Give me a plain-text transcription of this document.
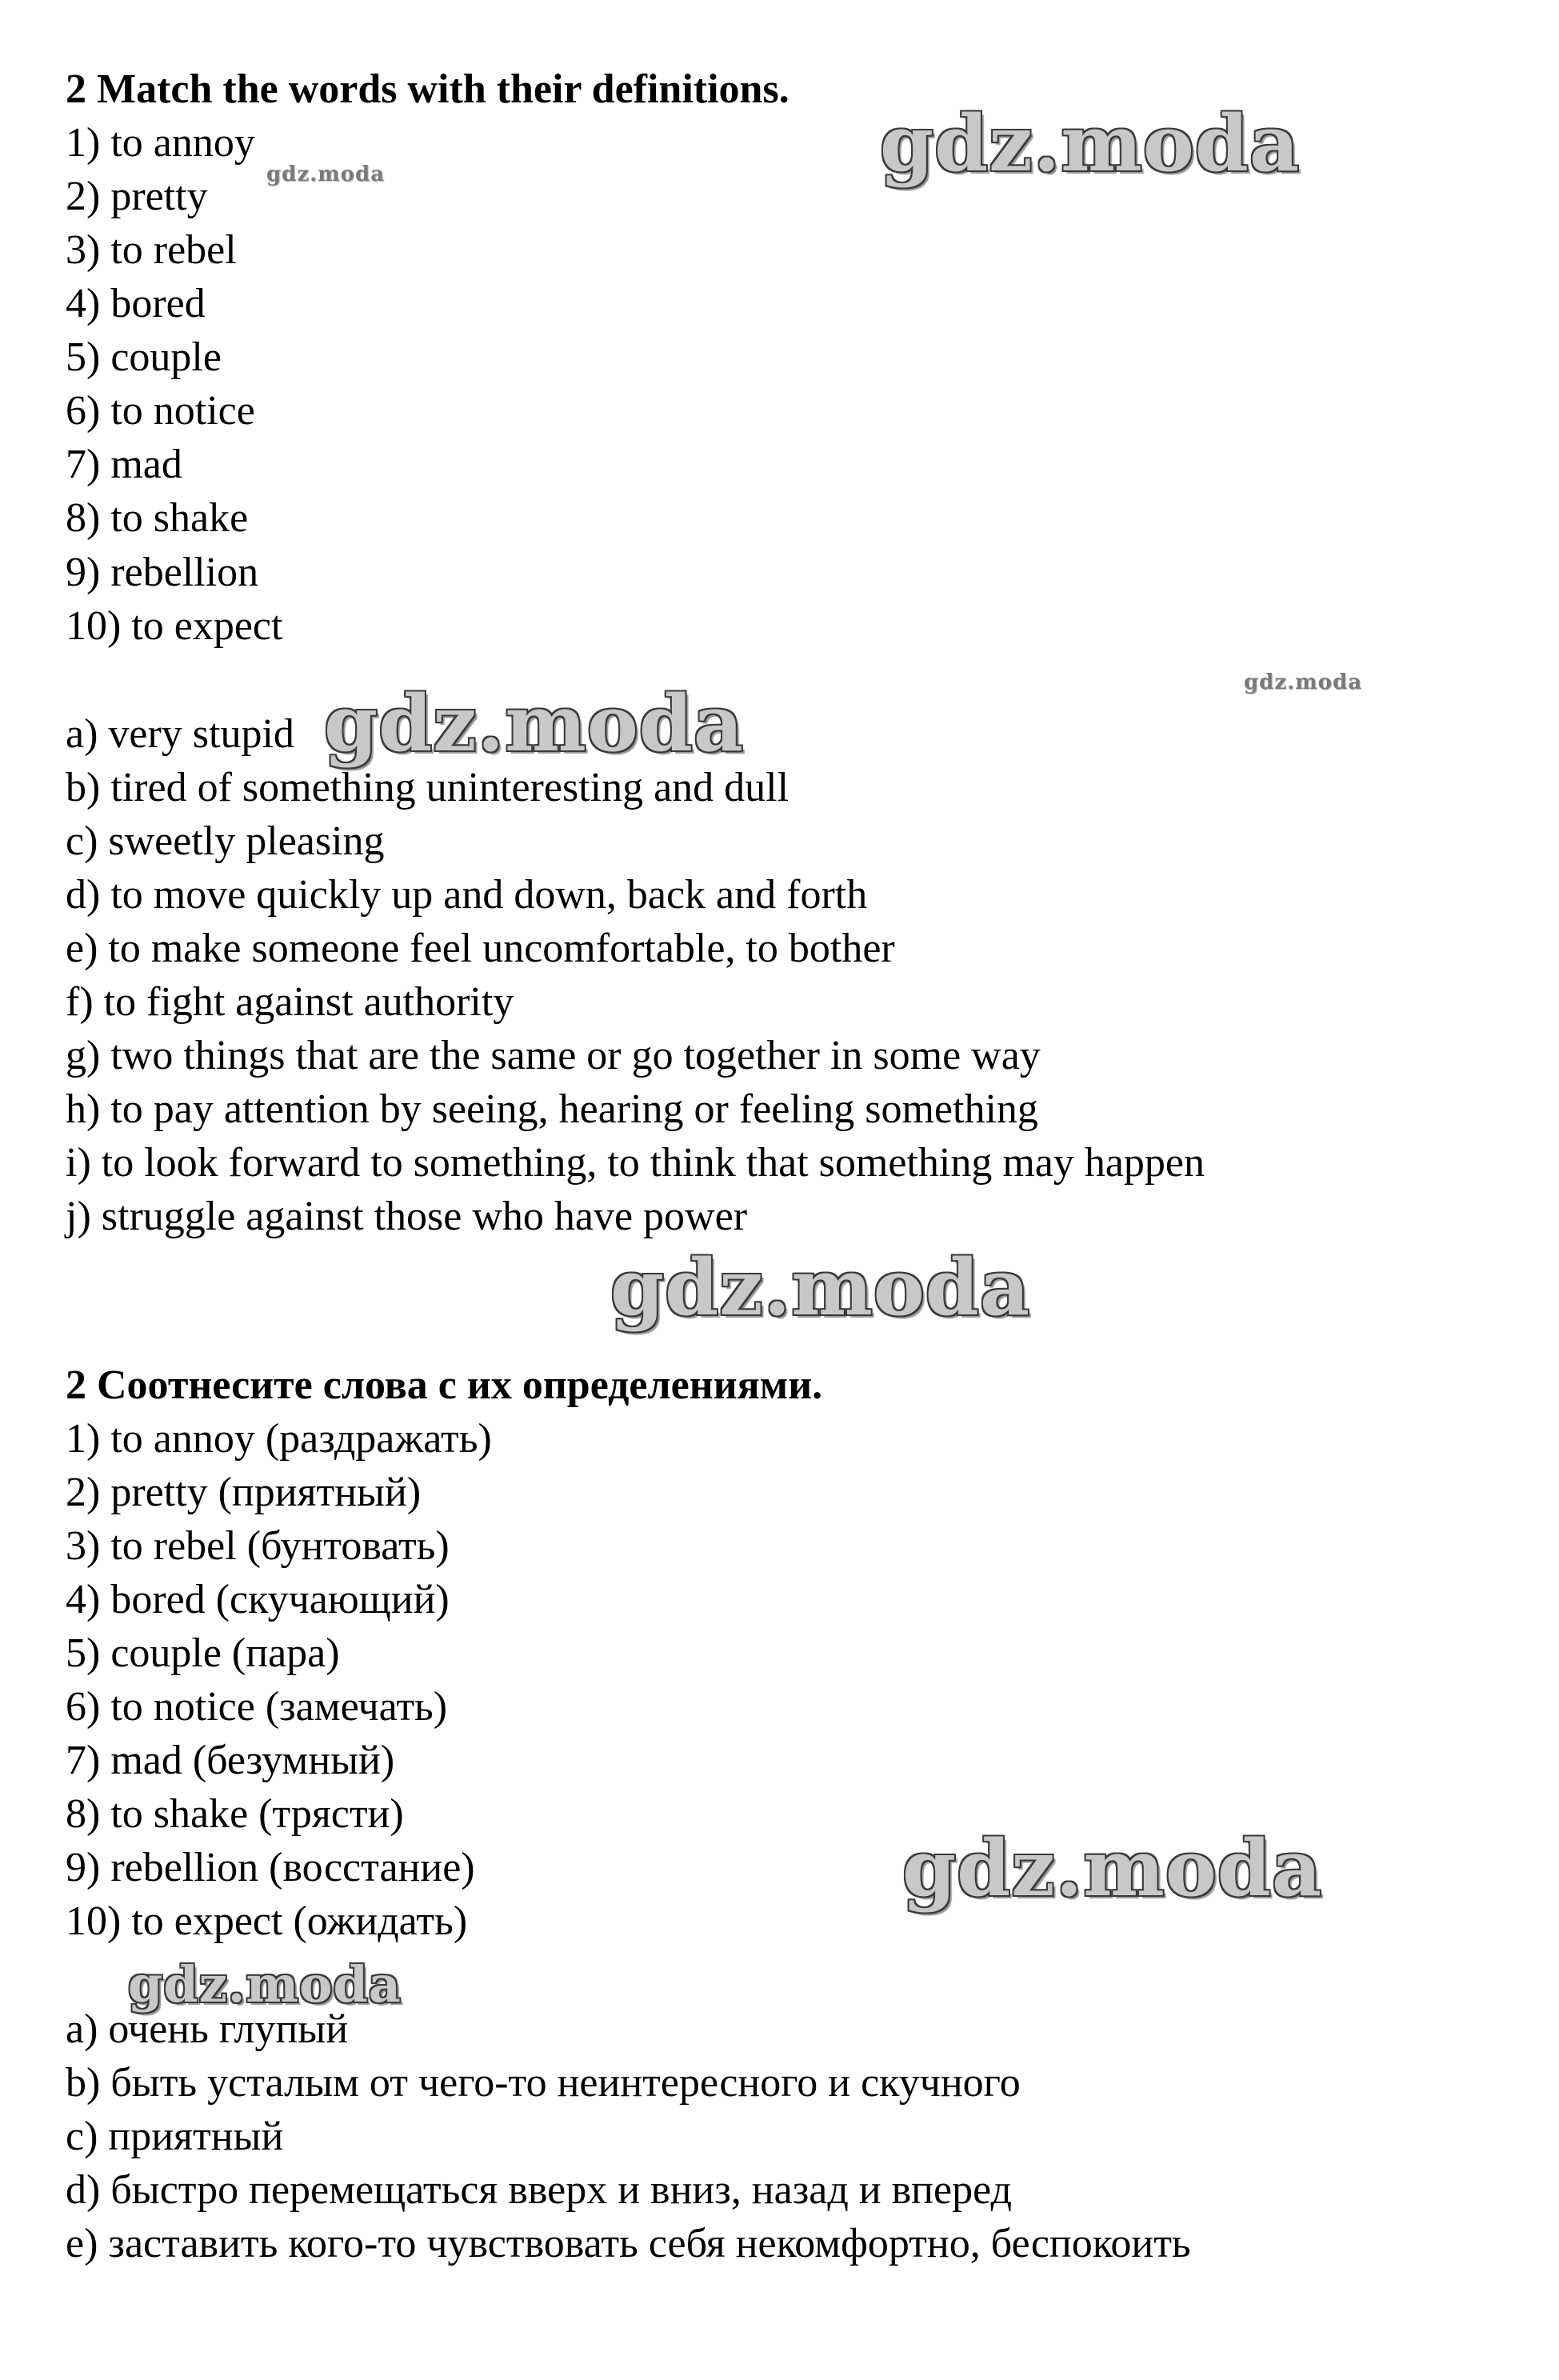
2 Match the words with their definitions.
1) to annoy
2) pretty
3) to rebel
4) bored
5) couple
6) to notice
7) mad
8) to shake
9) rebellion
10) to expect
a) very stupid
b) tired of something uninteresting and dull
c) sweetly pleasing
d) to move quickly up and down, back and forth
e) to make someone feel uncomfortable, to bother
f) to fight against authority
g) two things that are the same or go together in some way
h) to pay attention by seeing, hearing or feeling something
i) to look forward to something, to think that something may happen
j) struggle against those who have power
2 Соотнесите слова с их определениями.
1) to annoy (раздражать)
2) pretty (приятный)
3) to rebel (бунтовать)
4) bored (скучающий)
5) couple (пара)
6) to notice (замечать)
7) mad (безумный)
8) to shake (трясти)
9) rebellion (восстание)
10) to expect (ожидать)
a) очень глупый
b) быть усталым от чего-то неинтересного и скучного
c) приятный
d) быстро перемещаться вверх и вниз, назад и вперед
e) заставить кого-то чувствовать себя некомфортно, беспокоить
gdz.moda
gdz.moda
gdz.moda
gdz.moda
gdz.moda
gdz.moda
gdz.moda
